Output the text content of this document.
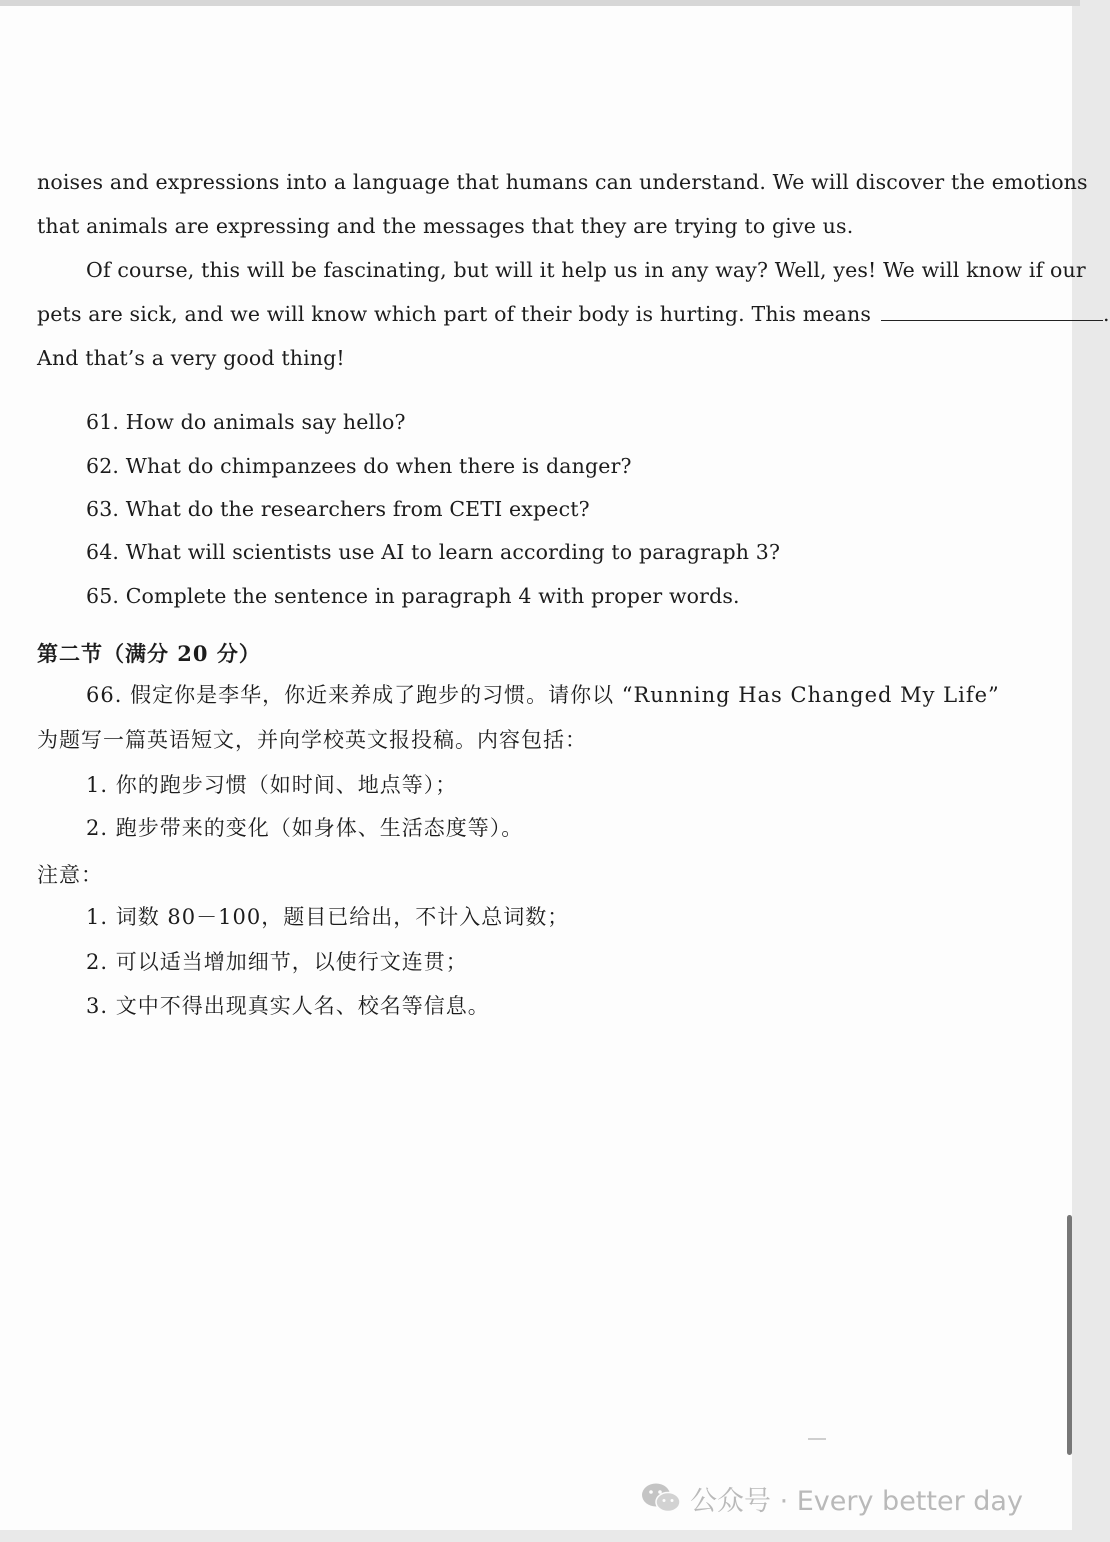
noises and expressions into a language that humans can understand. We will discover the emotions
that animals are expressing and the messages that they are trying to give us.
Of course, this will be fascinating, but will it help us in any way? Well, yes! We will know if our
pets are sick, and we will know which part of their body is hurting. This means	.
And that’s a very good thing!
61. How do animals say hello?
62. What do chimpanzees do when there is danger?
63. What do the researchers from CETI expect?
64. What will scientists use AI to learn according to paragraph 3?
65. Complete the sentence in paragraph 4 with proper words.
第二节（满分 20 分）
66. 假定你是李华，你近来养成了跑步的习惯。请你以 “Running Has Changed My Life”
为题写一篇英语短文，并向学校英文报投稿。内容包括：
1. 你的跑步习惯（如时间、地点等）；
2. 跑步带来的变化（如身体、生活态度等）。
注意：
1. 词数 80－100，题目已给出，不计入总词数；
2. 可以适当增加细节，以使行文连贯；
3. 文中不得出现真实人名、校名等信息。
公众号 · Every better day
